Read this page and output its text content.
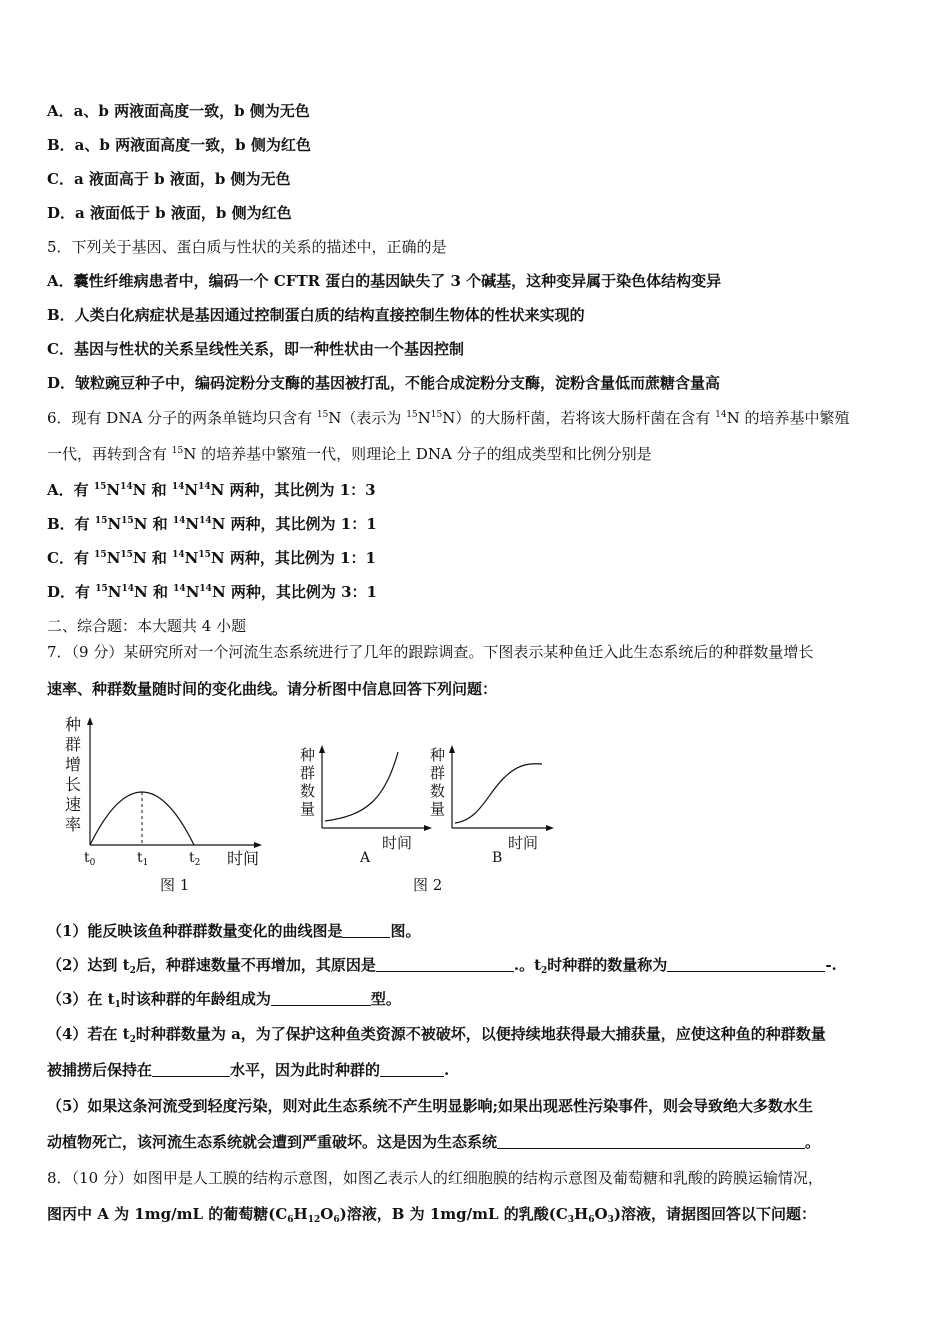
A．a、b 两液面高度一致，b 侧为无色
B．a、b 两液面高度一致，b 侧为红色
C．a 液面高于 b 液面，b 侧为无色
D．a 液面低于 b 液面，b 侧为红色
5．下列关于基因、蛋白质与性状的关系的描述中，正确的是
A．囊性纤维病患者中，编码一个 CFTR 蛋白的基因缺失了 3 个碱基，这种变异属于染色体结构变异
B．人类白化病症状是基因通过控制蛋白质的结构直接控制生物体的性状来实现的
C．基因与性状的关系呈线性关系，即一种性状由一个基因控制
D．皱粒豌豆种子中，编码淀粉分支酶的基因被打乱，不能合成淀粉分支酶，淀粉含量低而蔗糖含量高
6．现有 DNA 分子的两条单链均只含有 $^{15}$N（表示为 $^{15}N^{15}N$）的大肠杆菌，若将该大肠杆菌在含有 $^{14}$N 的培养基中繁殖
一代，再转到含有 $^{15}$N 的培养基中繁殖一代，则理论上 DNA 分子的组成类型和比例分别是
A．有 $^{15}N^{14}N$ 和 $^{14}N^{14}N$ 两种，其比例为 1：3
B．有 $^{15}N^{15}N$ 和 $^{14}N^{14}N$ 两种，其比例为 1：1
C．有 $^{15}N^{15}N$ 和 $^{14}N^{15}N$ 两种，其比例为 1：1
D．有 $^{15}N^{14}N$ 和 $^{14}N^{14}N$ 两种，其比例为 3：1
二、综合题：本大题共 4 小题
7．（9 分）某研究所对一个河流生态系统进行了几年的跟踪调查。下图表示某种鱼迁入此生态系统后的种群数量增长
速率、种群数量随时间的变化曲线。请分析图中信息回答下列问题：
种
群
增
长
速
率
$t_0$	$t_1$	$t_2$ 时间
图 1
种
群
数
量
时间
A
种
群
数
量
时间
B
图 2
（1）能反映该鱼种群群数量变化的曲线图是	图。
（2）达到 $t_2$后，种群速数量不再增加，其原因是	.。$t_2$时种群的数量称为	-.
（3）在 $t_1$时该种群的年龄组成为	型。
（4）若在 $t_2$时种群数量为 a，为了保护这种鱼类资源不被破坏，以便持续地获得最大捕获量，应使这种鱼的种群数量
被捕捞后保持在	水平，因为此时种群的	.
（5）如果这条河流受到轻度污染，则对此生态系统不产生明显影响;如果出现恶性污染事件，则会导致绝大多数水生
动植物死亡，该河流生态系统就会遭到严重破坏。这是因为生态系统	。
8．（10 分）如图甲是人工膜的结构示意图，如图乙表示人的红细胞膜的结构示意图及葡萄糖和乳酸的跨膜运输情况，
图丙中 A 为 1mg/mL 的葡萄糖$(C_6H_{12}O_6)$溶液，B 为 1mg/mL 的乳酸$(C_3H_6O_3)$溶液，请据图回答以下问题：
